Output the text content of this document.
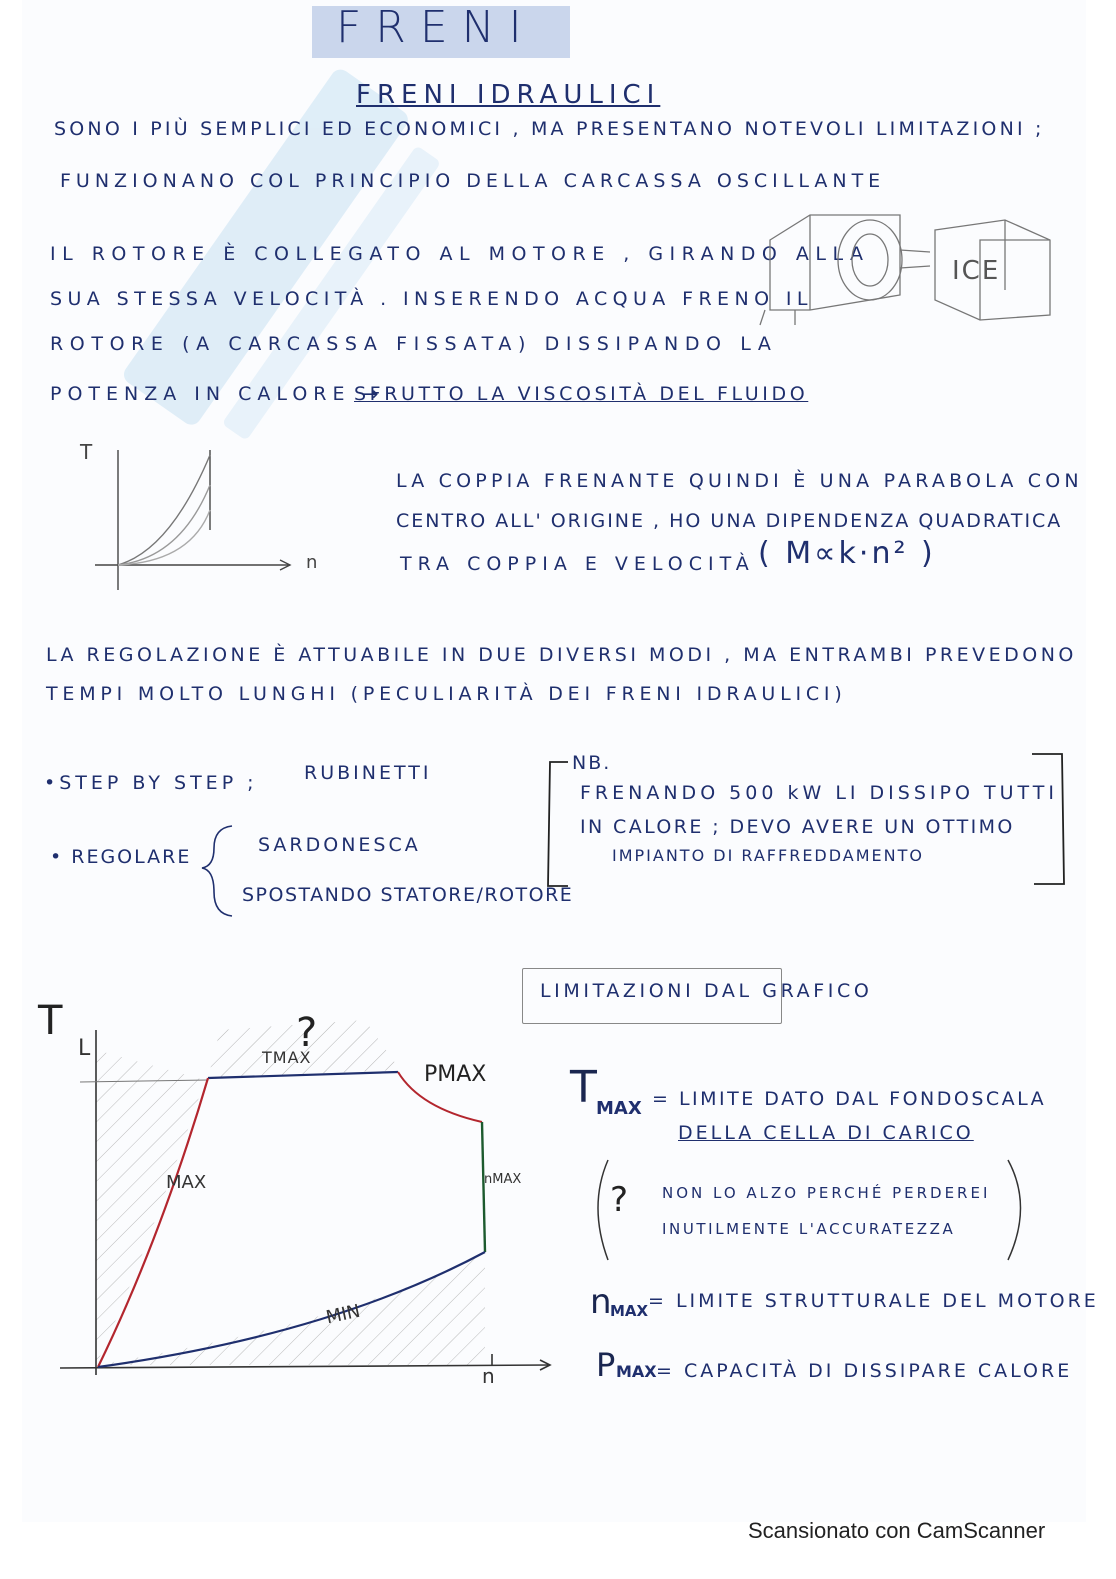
FRENI
FRENI IDRAULICI
SONO I PIÙ SEMPLICI ED ECONOMICI , MA PRESENTANO NOTEVOLI LIMITAZIONI ;
FUNZIONANO COL PRINCIPIO DELLA CARCASSA OSCILLANTE
IL ROTORE È COLLEGATO AL MOTORE , GIRANDO ALLA
SUA STESSA VELOCITÀ . INSERENDO ACQUA FRENO IL
ROTORE (A CARCASSA FISSATA) DISSIPANDO LA
POTENZA IN CALORE →
SFRUTTO LA VISCOSITÀ DEL FLUIDO
ICE
T
n
LA COPPIA FRENANTE QUINDI È UNA PARABOLA CON
CENTRO ALL' ORIGINE , HO UNA DIPENDENZA QUADRATICA
TRA COPPIA E VELOCITÀ ( M∝k·n² )
LA REGOLAZIONE È ATTUABILE IN DUE DIVERSI MODI , MA ENTRAMBI PREVEDONO
TEMPI MOLTO LUNGHI (PECULIARITÀ DEI FRENI IDRAULICI)
•STEP BY STEP ; RUBINETTI
• REGOLARE
SARDONESCA
SPOSTANDO STATORE/ROTORE
NB.
FRENANDO 500 kW LI DISSIPO TUTTI
IN CALORE ; DEVO AVERE UN OTTIMO
IMPIANTO DI RAFFREDDAMENTO
T
L
n
?
TMAX
PMAX
MAX	nMAX
MIN
LIMITAZIONI DAL GRAFICO
T MAX = LIMITE DATO DAL FONDOSCALA
DELLA CELLA DI CARICO
? NON LO ALZO PERCHÉ PERDEREI
INUTILMENTE L'ACCURATEZZA
n
MAX = LIMITE STRUTTURALE DEL MOTORE
P MAX = CAPACITÀ DI DISSIPARE CALORE
Scansionato con CamScanner
